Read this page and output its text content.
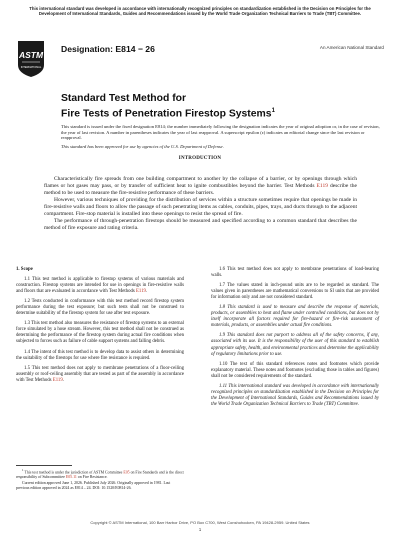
This international standard was developed in accordance with internationally recognized principles on standardization established in the Decision on Principles for the Development of International Standards, Guides and Recommendations issued by the World Trade Organization Technical Barriers to Trade (TBT) Committee.
ASTM
INTERNATIONAL
Designation: E814 − 26	An American National Standard
Standard Test Method for
Fire Tests of Penetration Firestop Systems$^1$

This standard is issued under the fixed designation E814; the number immediately following the designation indicates the year of original adoption or, in the case of revision, the year of last revision. A number in parentheses indicates the year of last reapproval. A superscript epsilon (ε) indicates an editorial change since the last revision or reapproval.

This standard has been approved for use by agencies of the U.S. Department of Defense.

INTRODUCTION

Characteristically fire spreads from one building compartment to another by the collapse of a barrier, or by openings through which flames or hot gases may pass, or by transfer of sufficient heat to ignite combustibles beyond the barrier. Test Methods E119 describe the method to be used to measure the fire-resistive performance of these barriers.

However, various techniques of providing for the distribution of services within a structure sometimes require that openings be made in fire-resistive walls and floors to allow the passage of such penetrating items as cables, conduits, pipes, trays, and ducts through to the adjacent compartment. Fire-stop material is installed into these openings to resist the spread of fire.

The performance of through-penetration firestops should be measured and specified according to a common standard that describes the method of fire exposure and rating criteria.

1. Scope

1.1 This test method is applicable to firestop systems of various materials and construction. Firestop systems are intended for use in openings in fire-resistive walls and floors that are evaluated in accordance with Test Methods E119.

1.2 Tests conducted in conformance with this test method record firestop system performance during the test exposure; but such tests shall not be construed to determine suitability of the firestop system for use after test exposure.

1.3 This test method also measures the resistance of firestop systems to an external force simulated by a hose stream. However, this test method shall not be construed as determining the performance of the firestop system during actual fire conditions when subjected to forces such as failure of cable support systems and falling debris.

1.4 The intent of this test method is to develop data to assist others in determining the suitability of the firestops for use where fire resistance is required.

1.5 This test method does not apply to membrane penetrations of a floor-ceiling assembly or roof-ceiling assembly that are tested as part of the assembly in accordance with Test Methods E119.

1.6 This test method does not apply to membrane penetrations of load-bearing walls.

1.7 The values stated in inch-pound units are to be regarded as standard. The values given in parentheses are mathematical conversions to SI units that are provided for information only and are not considered standard.

1.8 This standard is used to measure and describe the response of materials, products, or assemblies to heat and flame under controlled conditions, but does not by itself incorporate all factors required for fire-hazard or fire-risk assessment of materials, products, or assemblies under actual fire conditions.

1.9 This standard does not purport to address all of the safety concerns, if any, associated with its use. It is the responsibility of the user of this standard to establish appropriate safety, health, and environmental practices and determine the applicability of regulatory limitations prior to use.

1.10 The text of this standard references notes and footnotes which provide explanatory material. These notes and footnotes (excluding those in tables and figures) shall not be considered requirements of the standard.

1.11 This international standard was developed in accordance with internationally recognized principles on standardization established in the Decision on Principles for the Development of International Standards, Guides and Recommendations issued by the World Trade Organization Technical Barriers to Trade (TBT) Committee.

$^1$ This test method is under the jurisdiction of ASTM Committee E05 on Fire Standards and is the direct responsibility of Subcommittee E05.11 on Fire Resistance.

Current edition approved June 1, 2026. Published July 2026. Originally approved in 1981. Last previous edition approved in 2024 as E814 – 24. DOI: 10.1520/E0814-26.

Copyright © ASTM International, 100 Barr Harbor Drive, PO Box C700, West Conshohocken, PA 19428-2959. United States
1
